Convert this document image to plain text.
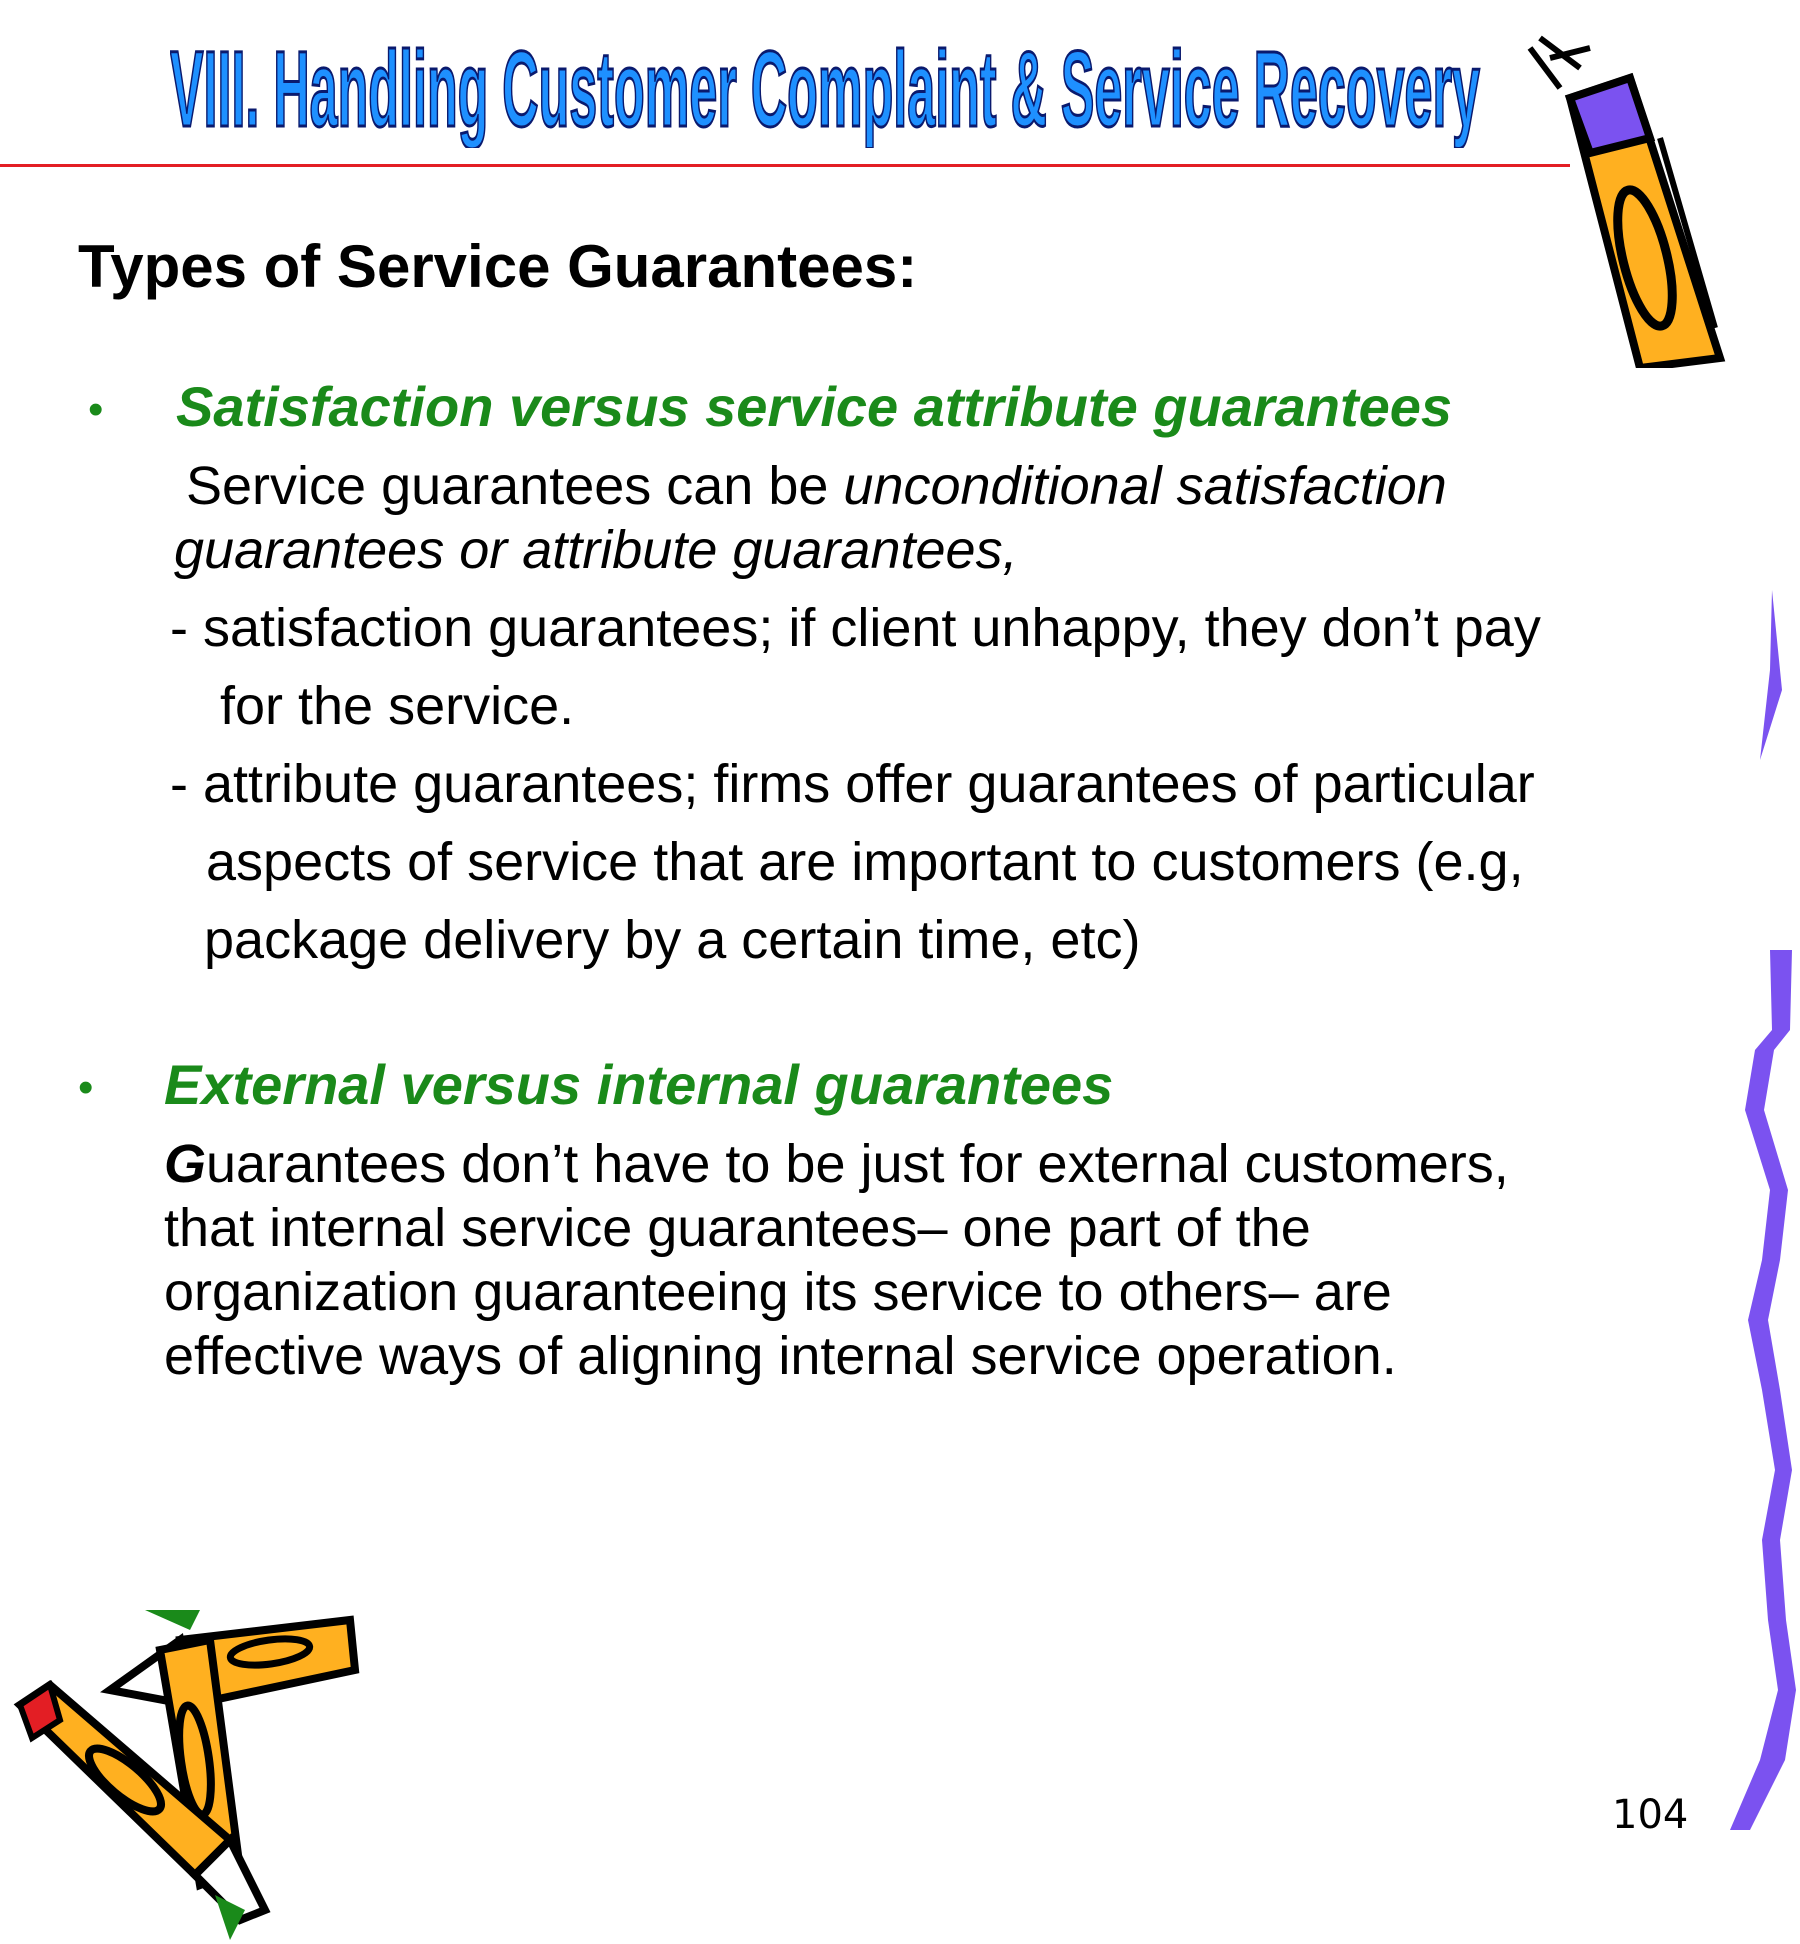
VIII. Handling Customer Complaint & Service Recovery
Types of Service Guarantees:
• Satisfaction versus service attribute guarantees

Service guarantees can be unconditional satisfaction

guarantees or attribute guarantees,

- satisfaction guarantees; if client unhappy, they don’t pay

for the service.

- attribute guarantees; firms offer guarantees of particular

aspects of service that are important to customers (e.g,

package delivery by a certain time, etc)

• External versus internal guarantees

Guarantees don’t have to be just for external customers,

that internal service guarantees– one part of the

organization guaranteeing its service to others– are

effective ways of aligning internal service operation.

104
